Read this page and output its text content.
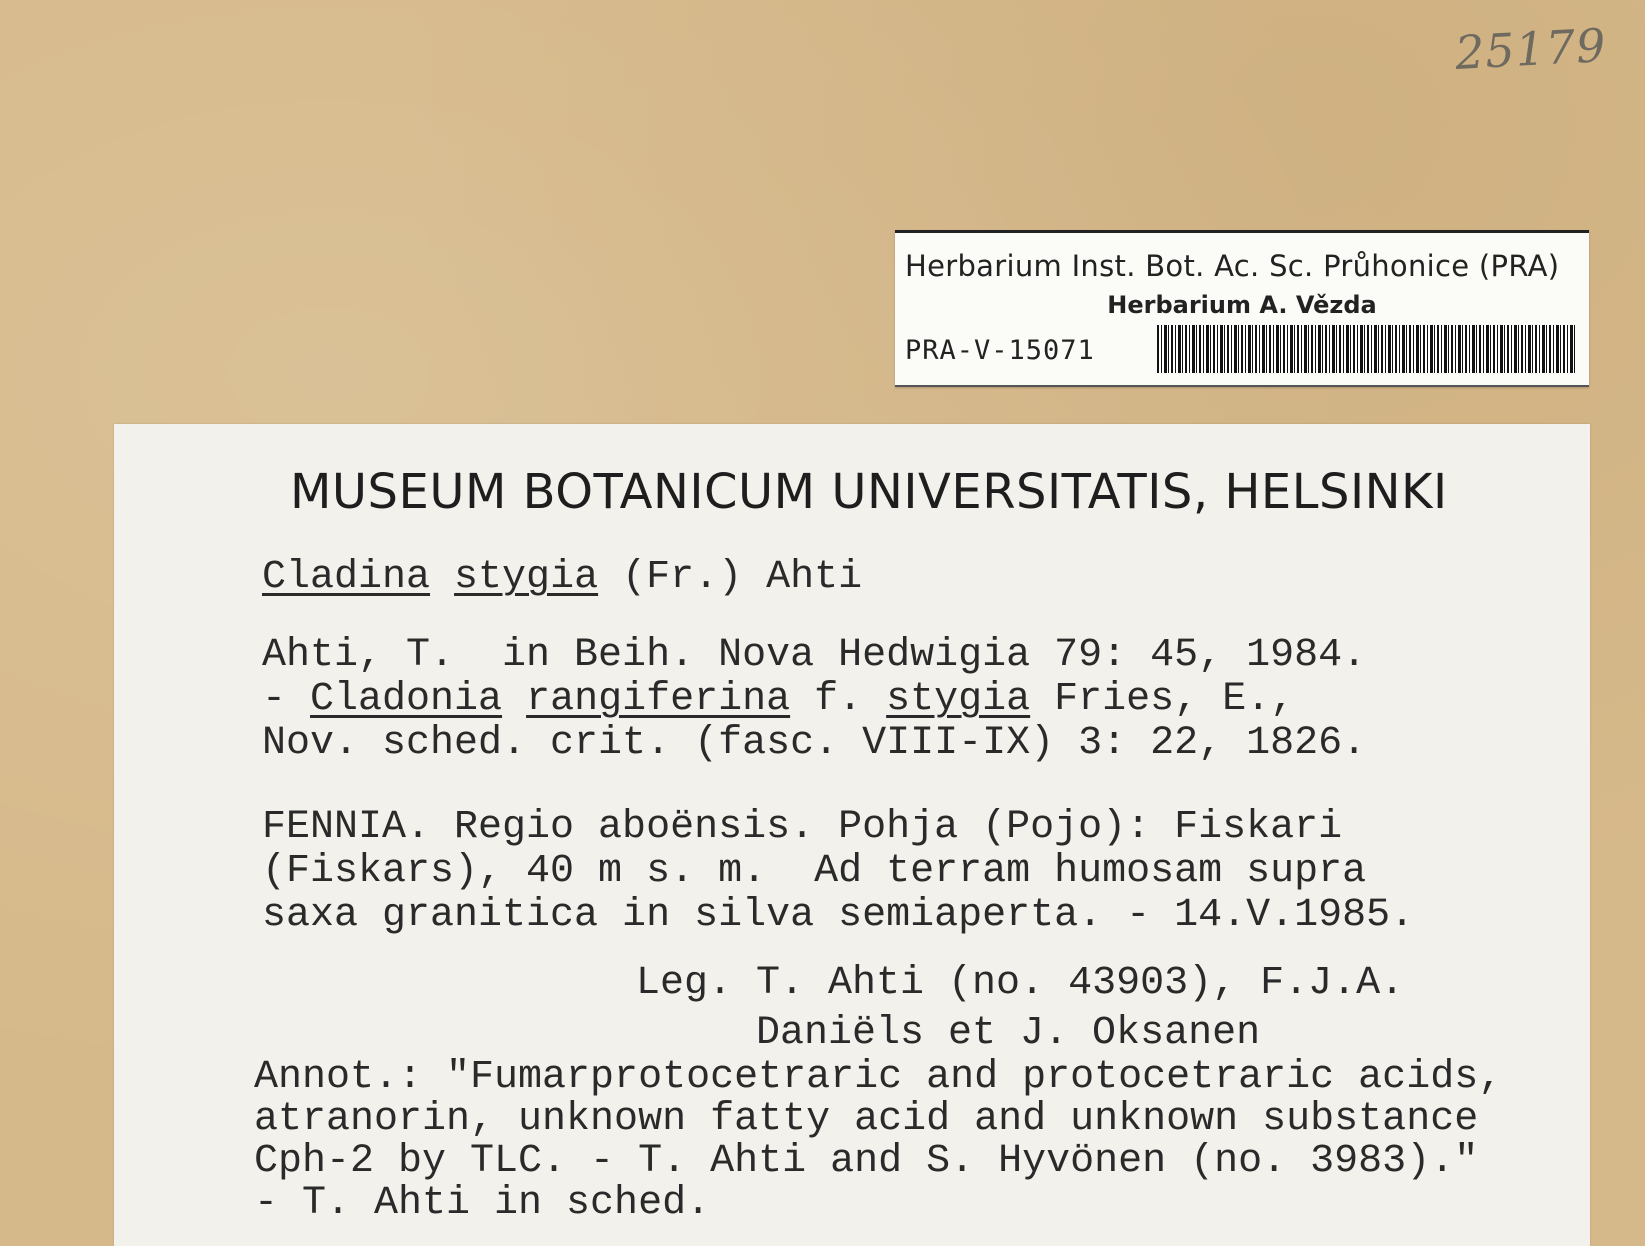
25179
Herbarium Inst. Bot. Ac. Sc. Průhonice (PRA)
Herbarium A. Vězda
PRA-V-15071
MUSEUM BOTANICUM UNIVERSITATIS, HELSINKI
Cladina stygia (Fr.) Ahti
Ahti, T.  in Beih. Nova Hedwigia 79: 45, 1984.
- Cladonia rangiferina f. stygia Fries, E.,
Nov. sched. crit. (fasc. VIII-IX) 3: 22, 1826.
FENNIA. Regio aboënsis. Pohja (Pojo): Fiskari
(Fiskars), 40 m s. m.  Ad terram humosam supra
saxa granitica in silva semiaperta. - 14.V.1985.
Leg. T. Ahti (no. 43903), F.J.A.
Daniëls et J. Oksanen
Annot.: "Fumarprotocetraric and protocetraric acids,
atranorin, unknown fatty acid and unknown substance
Cph-2 by TLC. - T. Ahti and S. Hyvönen (no. 3983)."
- T. Ahti in sched.
